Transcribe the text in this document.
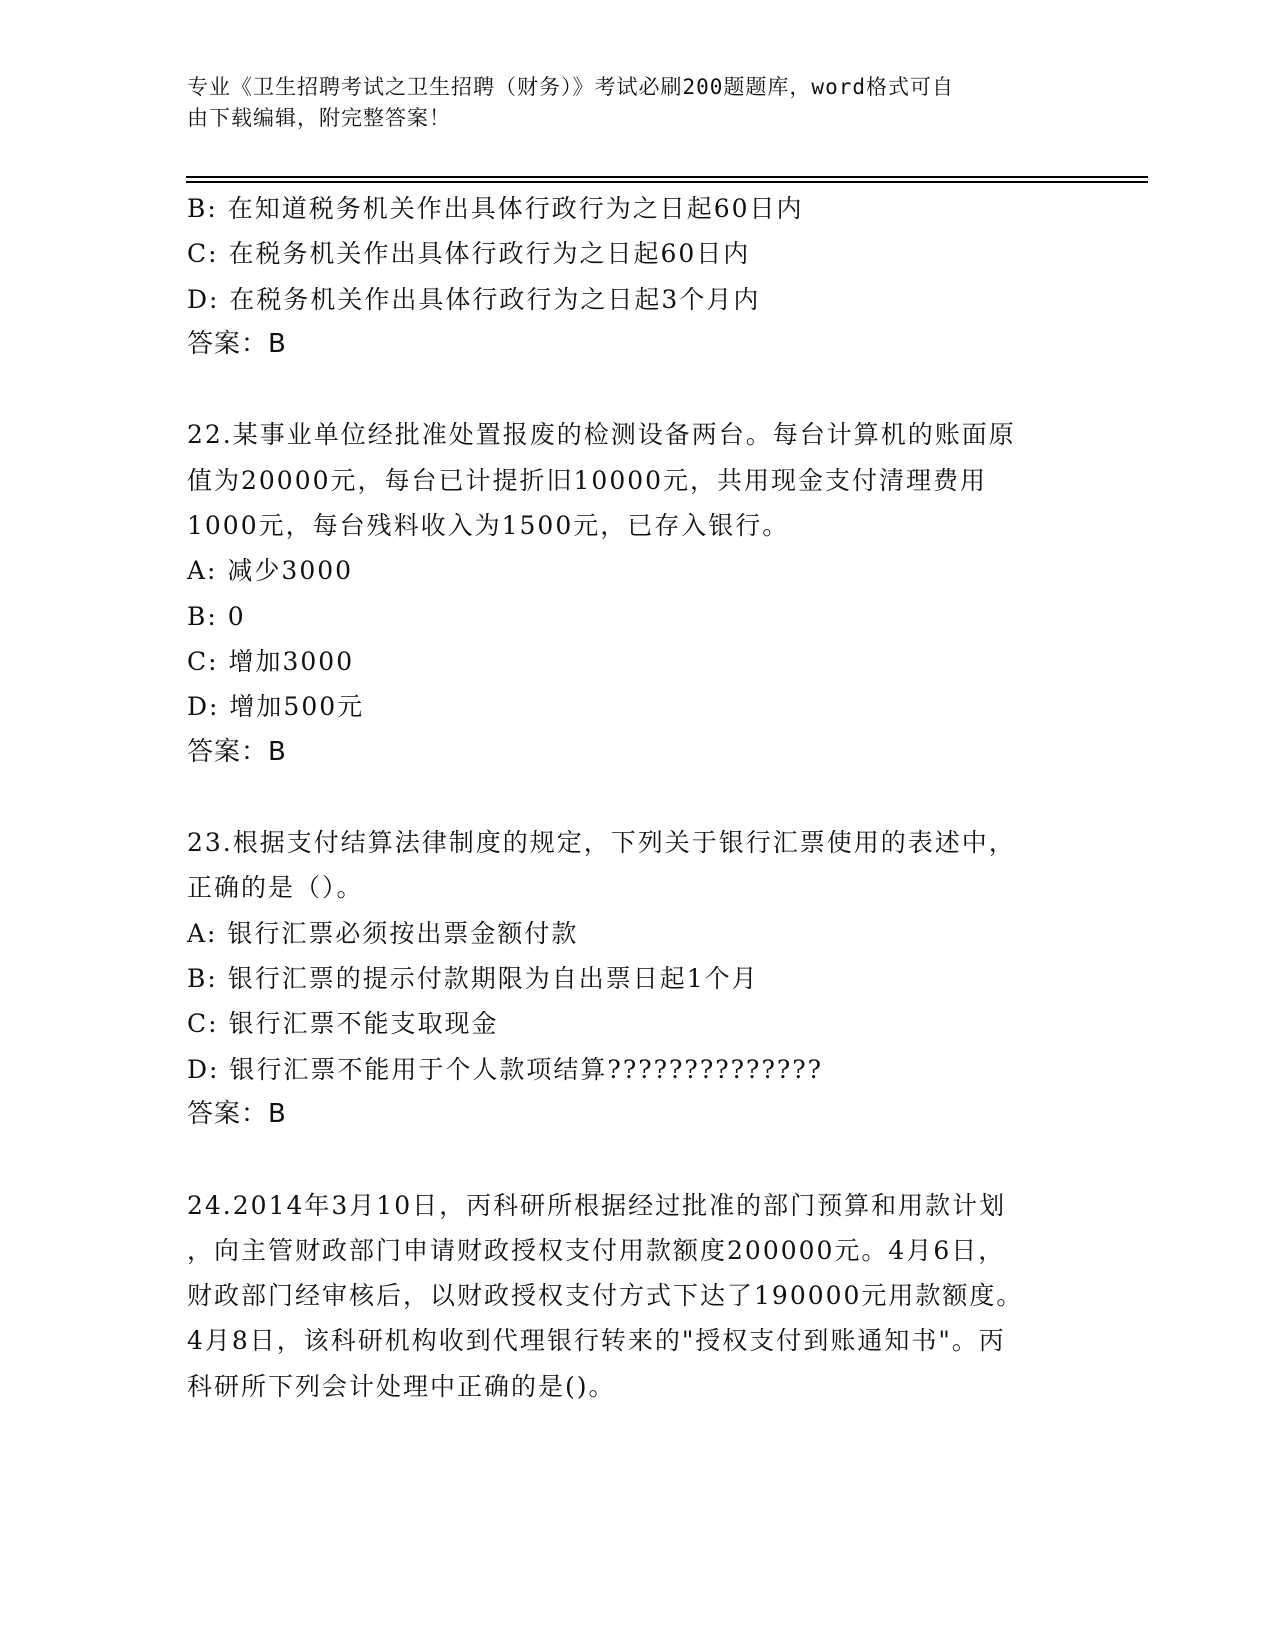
专业《卫生招聘考试之卫生招聘（财务）》考试必刷200题题库，word格式可自
由下载编辑，附完整答案！
B: 在知道税务机关作出具体行政行为之日起60日内
C: 在税务机关作出具体行政行为之日起60日内
D: 在税务机关作出具体行政行为之日起3个月内
答案：B
22.某事业单位经批准处置报废的检测设备两台。每台计算机的账面原
值为20000元，每台已计提折旧10000元，共用现金支付清理费用
1000元，每台残料收入为1500元，已存入银行。
A: 减少3000
B: 0
C: 增加3000
D: 增加500元
答案：B
23.根据支付结算法律制度的规定，下列关于银行汇票使用的表述中，
正确的是（）。
A: 银行汇票必须按出票金额付款
B: 银行汇票的提示付款期限为自出票日起1个月
C: 银行汇票不能支取现金
D: 银行汇票不能用于个人款项结算??????????????
答案：B
24.2014年3月10日，丙科研所根据经过批准的部门预算和用款计划
，向主管财政部门申请财政授权支付用款额度200000元。4月6日，
财政部门经审核后，以财政授权支付方式下达了190000元用款额度。
4月8日，该科研机构收到代理银行转来的"授权支付到账通知书"。丙
科研所下列会计处理中正确的是()。
